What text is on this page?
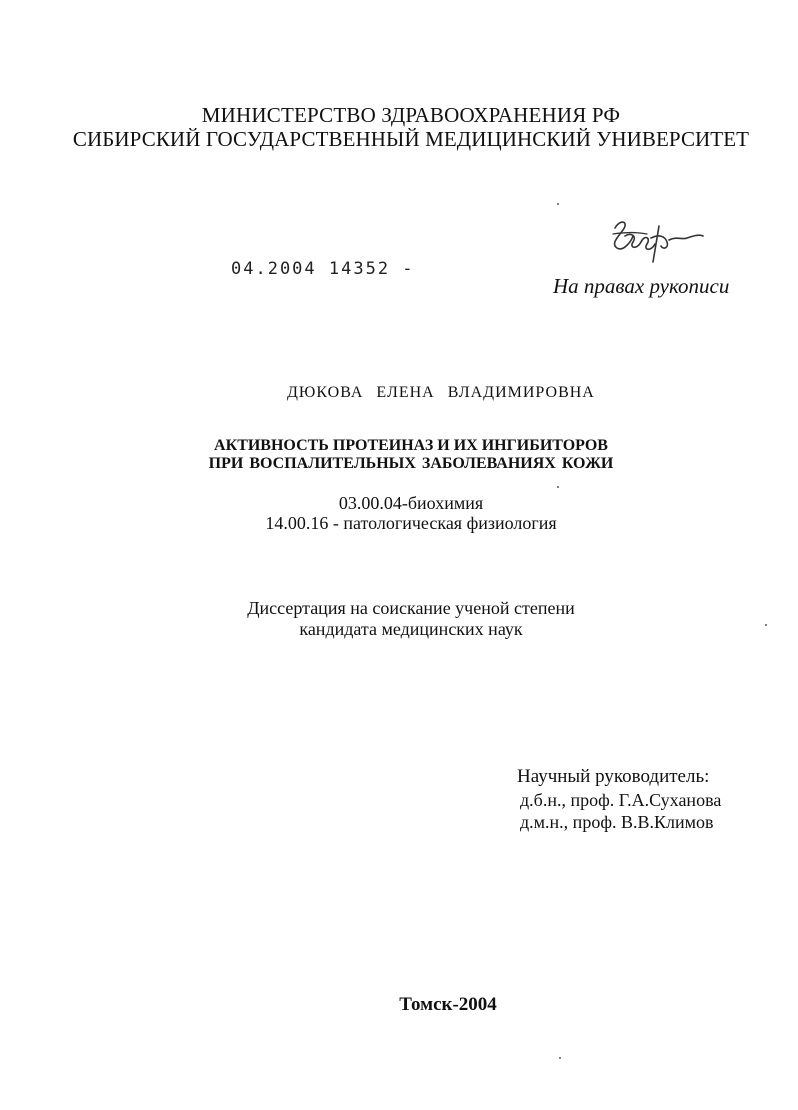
МИНИСТЕРСТВО ЗДРАВООХРАНЕНИЯ РФ
СИБИРСКИЙ ГОСУДАРСТВЕННЫЙ МЕДИЦИНСКИЙ УНИВЕРСИТЕТ
04.2004 14352 -
На правах рукописи
ДЮКОВА ЕЛЕНА ВЛАДИМИРОВНА
АКТИВНОСТЬ ПРОТЕИНАЗ И ИХ ИНГИБИТОРОВ
ПРИ ВОСПАЛИТЕЛЬНЫХ ЗАБОЛЕВАНИЯХ КОЖИ
03.00.04-биохимия
14.00.16 - патологическая физиология
Диссертация на соискание ученой степени
кандидата медицинских наук
Научный руководитель:
д.б.н., проф. Г.А.Суханова
д.м.н., проф. В.В.Климов
Томск-2004
